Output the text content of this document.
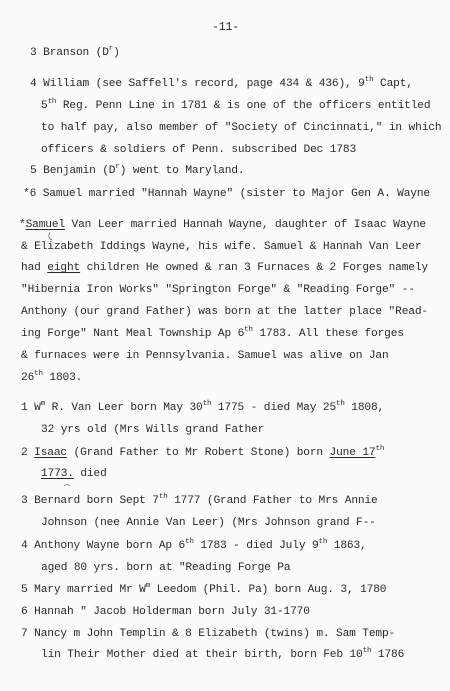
-11-
3 Branson $(D^r)$
4 William (see Saffell's record, page 434 & 436), 9th Capt,
5th Reg. Penn Line in 1781 & is one of the officers entitled
to half pay, also member of "Society of Cincinnati," in which
officers & soldiers of Penn. subscribed Dec 1783
5 Benjamin $(D^r)$ went to Maryland.
*6 Samuel married "Hannah Wayne" (sister to Major Gen A. Wayne
*Samuel Van Leer married Hannah Wayne, daughter of Isaac Wayne
& Elizabeth Iddings Wayne, his wife. Samuel & Hannah Van Leer
had eight children He owned & ran 3 Furnaces & 2 Forges namely
"Hibernia Iron Works" "Springton Forge" & "Reading Forge" --
Anthony (our grand Father) was born at the latter place "Read-
ing Forge" Nant Meal Township Ap 6th 1783. All these forges
& furnaces were in Pennsylvania. Samuel was alive on Jan
26th 1803.
1 $W^m$ R. Van Leer born May 30th 1775 - died May 25th 1808,
32 yrs old (Mrs Wills grand Father
2 Isaac (Grand Father to Mr Robert Stone) born June 17th
1773. died
3 Bernard born Sept 7th 1777 (Grand Father to Mrs Annie
Johnson (nee Annie Van Leer) (Mrs Johnson grand F--
4 Anthony Wayne born Ap 6th 1783 - died July 9th 1863,
aged 80 yrs. born at "Reading Forge Pa
5 Mary married Mr $W^m$ Leedom (Phil. Pa) born Aug. 3, 1780
6 Hannah " Jacob Holderman born July 31-1770
7 Nancy m John Templin & 8 Elizabeth (twins) m. Sam Temp-
lin Their Mother died at their birth, born Feb 10th 1786
